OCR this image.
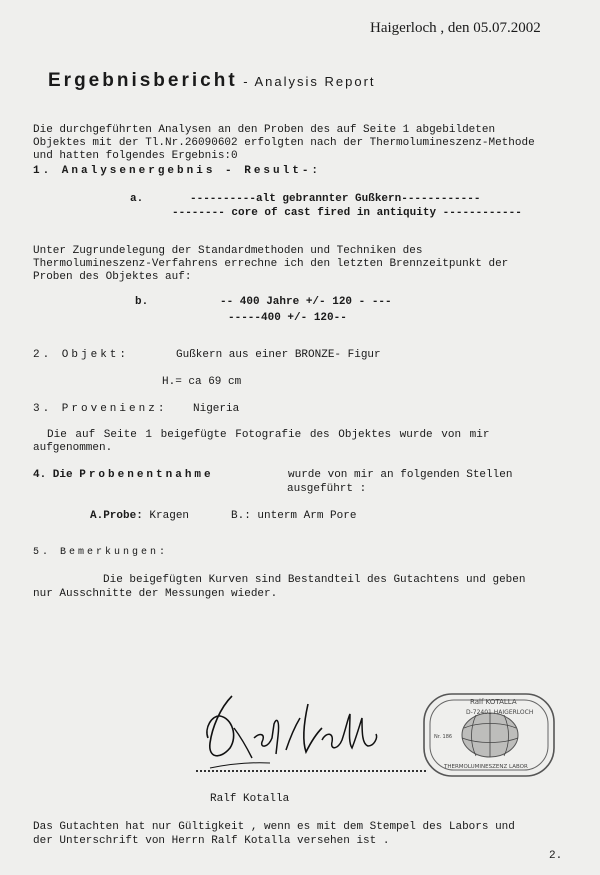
Haigerloch , den 05.07.2002
Ergebnisbericht - Analysis Report
Die durchgeführten Analysen an den Proben des auf Seite 1 abgebildeten
Objektes mit der Tl.Nr.26090602 erfolgten nach der Thermolumineszenz-Methode
und hatten folgendes Ergebnis:0
1. Analysenergebnis - Result-:
a.	----------alt gebrannter Gußkern------------
-------- core of cast fired in antiquity ------------
Unter Zugrundelegung der Standardmethoden und Techniken des
Thermolumineszenz-Verfahrens errechne ich den letzten Brennzeitpunkt der
Proben des Objektes auf:
b.	-- 400 Jahre +/- 120 - ---
-----400 +/- 120--
2. Objekt:	Gußkern aus einer BRONZE- Figur
H.= ca 69 cm
3. Provenienz: Nigeria
Die auf Seite 1 beigefügte Fotografie des Objektes wurde von mir
aufgenommen.
4. Die Probenentnahme	wurde von mir an folgenden Stellen
ausgeführt :
A.Probe: Kragen	B.: unterm Arm Pore
5. Bemerkungen:
Die beigefügten Kurven sind Bestandteil des Gutachtens und geben
nur Ausschnitte der Messungen wieder.
Ralf KOTALLA
D-72401 HAIGERLOCH
Nr. 186
THERMOLUMINESZENZ LABOR
Ralf Kotalla
Das Gutachten hat nur Gültigkeit , wenn es mit dem Stempel des Labors und
der Unterschrift von Herrn Ralf Kotalla versehen ist .
2.
